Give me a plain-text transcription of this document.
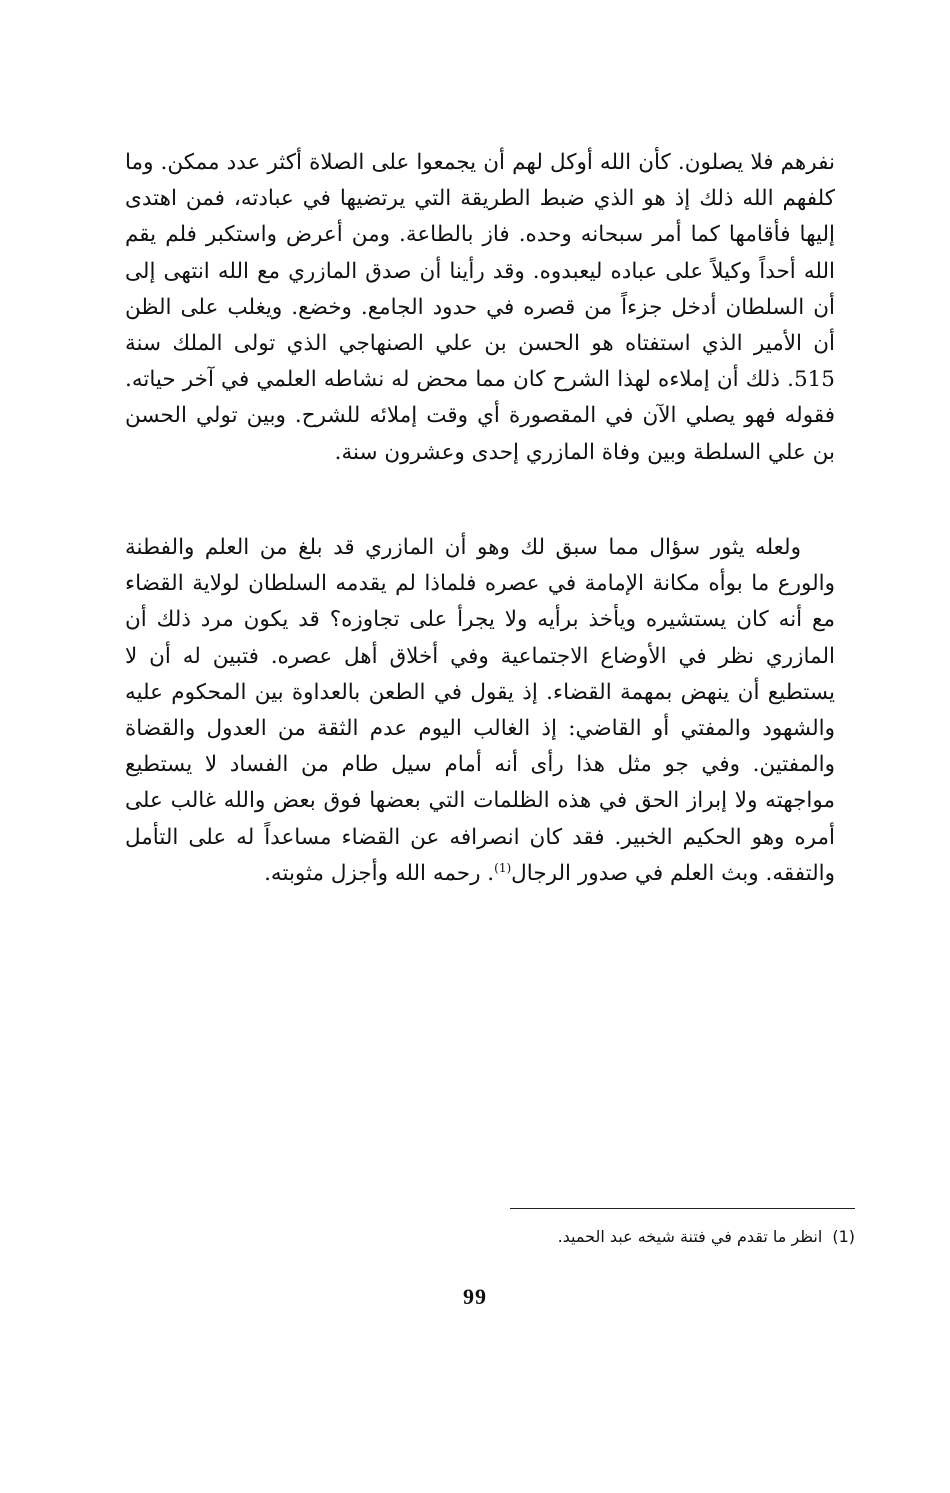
نفرهم فلا يصلون. كأن الله أوكل لهم أن يجمعوا على الصلاة أكثر عدد ممكن. وما كلفهم الله ذلك إذ هو الذي ضبط الطريقة التي يرتضيها في عبادته، فمن اهتدى إليها فأقامها كما أمر سبحانه وحده. فاز بالطاعة. ومن أعرض واستكبر فلم يقم الله أحداً وكيلاً على عباده ليعبدوه. وقد رأينا أن صدق المازري مع الله انتهى إلى أن السلطان أدخل جزءاً من قصره في حدود الجامع. وخضع. ويغلب على الظن أن الأمير الذي استفتاه هو الحسن بن علي الصنهاجي الذي تولى الملك سنة 515. ذلك أن إملاءه لهذا الشرح كان مما محض له نشاطه العلمي في آخر حياته. فقوله فهو يصلي الآن في المقصورة أي وقت إملائه للشرح. وبين تولي الحسن بن علي السلطة وبين وفاة المازري إحدى وعشرون سنة.

ولعله يثور سؤال مما سبق لك وهو أن المازري قد بلغ من العلم والفطنة والورع ما بوأه مكانة الإمامة في عصره فلماذا لم يقدمه السلطان لولاية القضاء مع أنه كان يستشيره ويأخذ برأيه ولا يجرأ على تجاوزه؟ قد يكون مرد ذلك أن المازري نظر في الأوضاع الاجتماعية وفي أخلاق أهل عصره. فتبين له أن لا يستطيع أن ينهض بمهمة القضاء. إذ يقول في الطعن بالعداوة بين المحكوم عليه والشهود والمفتي أو القاضي: إذ الغالب اليوم عدم الثقة من العدول والقضاة والمفتين. وفي جو مثل هذا رأى أنه أمام سيل طام من الفساد لا يستطيع مواجهته ولا إبراز الحق في هذه الظلمات التي بعضها فوق بعض والله غالب على أمره وهو الحكيم الخبير. فقد كان انصرافه عن القضاء مساعداً له على التأمل والتفقه. وبث العلم في صدور الرجال$^{(1)}$. رحمه الله وأجزل مثوبته.

(1)انظر ما تقدم في فتنة شيخه عبد الحميد.
99
